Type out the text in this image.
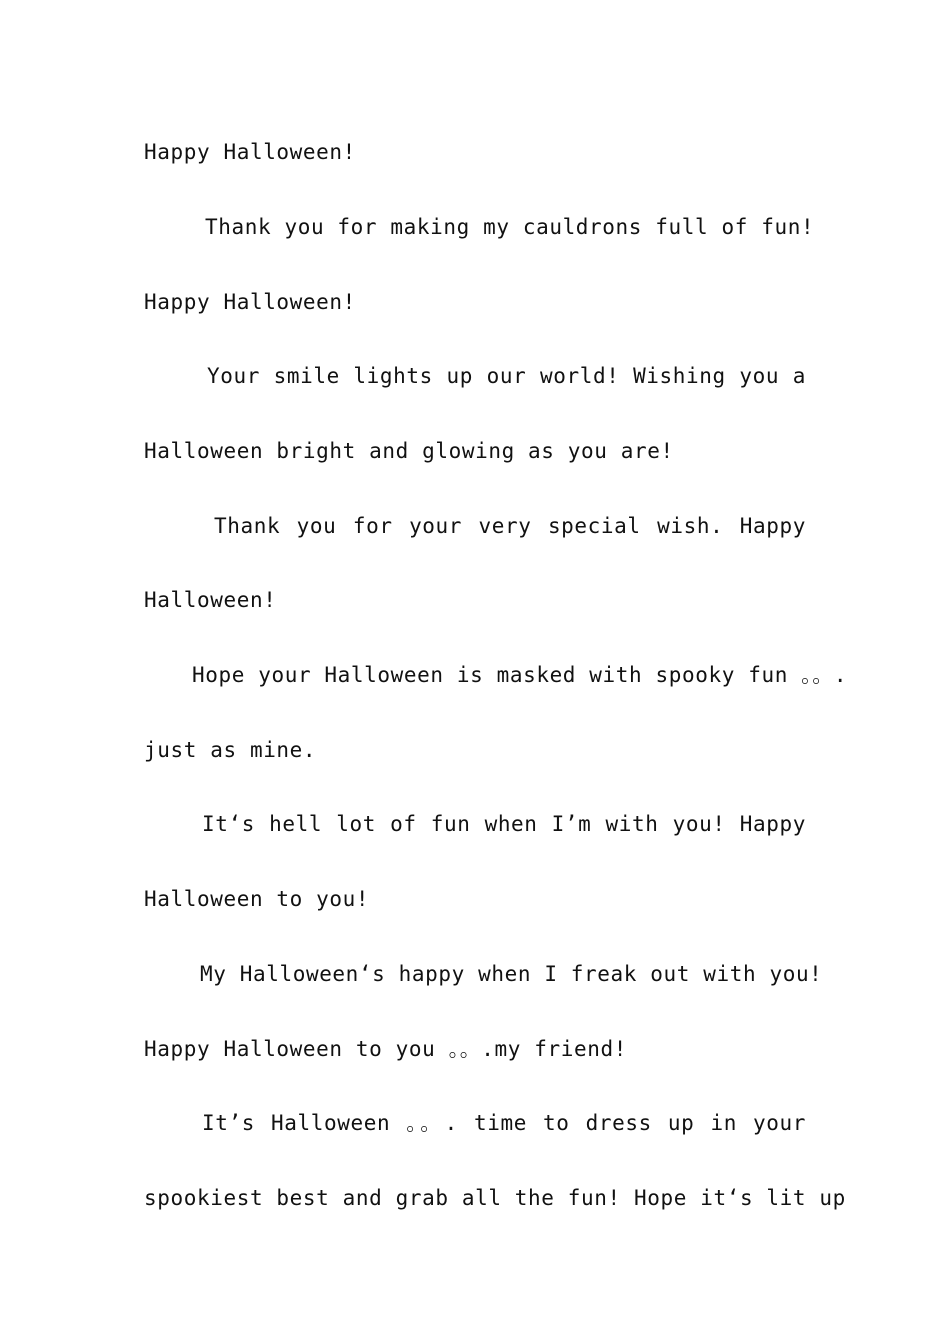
Happy Halloween!
Thank you for making my cauldrons full of fun!
Happy Halloween!
Your smile lights up our world! Wishing you a
Halloween bright and glowing as you are!
Thank you for your very special wish. Happy
Halloween!
Hope your Halloween is masked with spooky fun 。。.
just as mine.
It‘s hell lot of fun when I’m with you! Happy
Halloween to you!
My Halloween‘s happy when I freak out with you!
Happy Halloween to you 。。.my friend!
It’s Halloween 。。. time to dress up in your
spookiest best and grab all the fun! Hope it‘s lit up
